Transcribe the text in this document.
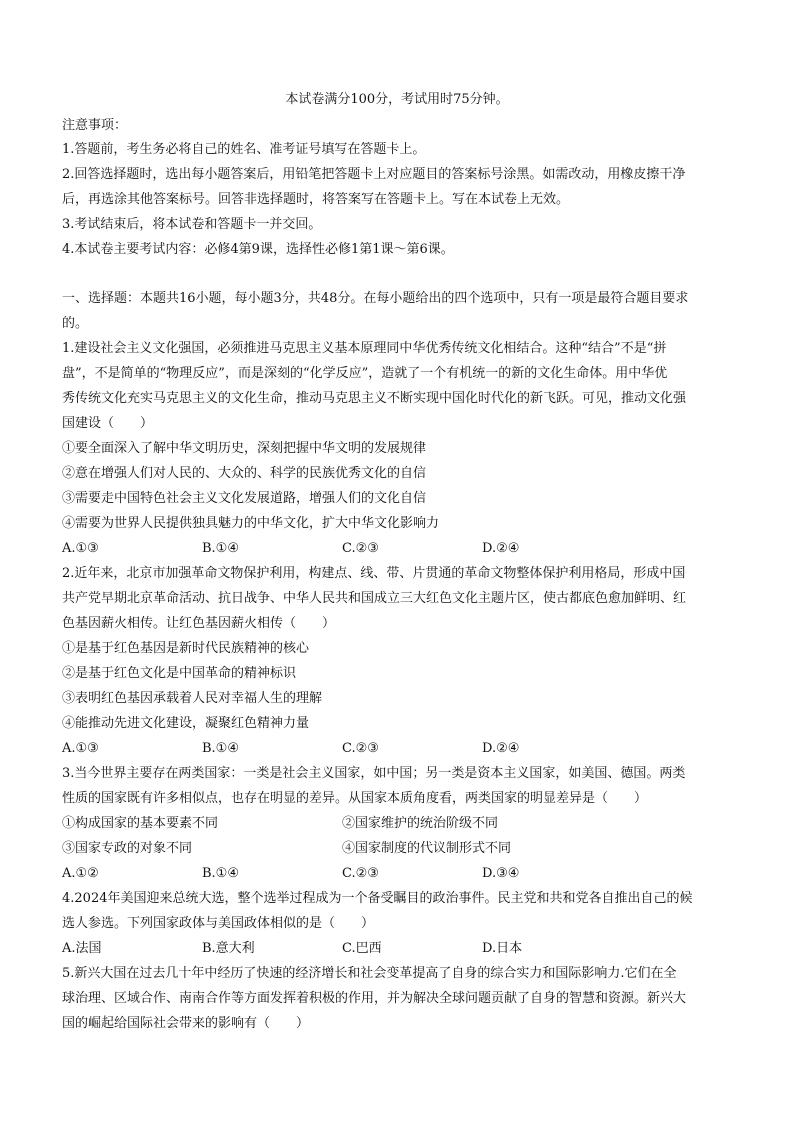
本试卷满分100分，考试用时75分钟。
注意事项：
1.答题前，考生务必将自己的姓名、准考证号填写在答题卡上。
2.回答选择题时，选出每小题答案后，用铅笔把答题卡上对应题目的答案标号涂黑。如需改动，用橡皮擦干净
后，再选涂其他答案标号。回答非选择题时，将答案写在答题卡上。写在本试卷上无效。
3.考试结束后，将本试卷和答题卡一并交回。
4.本试卷主要考试内容：必修4第9课，选择性必修1第1课～第6课。
一、选择题：本题共16小题，每小题3分，共48分。在每小题给出的四个选项中，只有一项是最符合题目要求
的。
1.建设社会主义文化强国，必须推进马克思主义基本原理同中华优秀传统文化相结合。这种“结合”不是“拼
盘”，不是简单的“物理反应”，而是深刻的“化学反应”，造就了一个有机统一的新的文化生命体。用中华优
秀传统文化充实马克思主义的文化生命，推动马克思主义不断实现中国化时代化的新飞跃。可见，推动文化强
国建设（　　）
①要全面深入了解中华文明历史，深刻把握中华文明的发展规律
②意在增强人们对人民的、大众的、科学的民族优秀文化的自信
③需要走中国特色社会主义文化发展道路，增强人们的文化自信
④需要为世界人民提供独具魅力的中华文化，扩大中华文化影响力
A.①③	B.①④	C.②③	D.②④
2.近年来，北京市加强革命文物保护利用，构建点、线、带、片贯通的革命文物整体保护利用格局，形成中国
共产党早期北京革命活动、抗日战争、中华人民共和国成立三大红色文化主题片区，使古都底色愈加鲜明、红
色基因薪火相传。让红色基因薪火相传（　　）
①是基于红色基因是新时代民族精神的核心
②是基于红色文化是中国革命的精神标识
③表明红色基因承载着人民对幸福人生的理解
④能推动先进文化建设，凝聚红色精神力量
A.①③	B.①④	C.②③	D.②④
3.当今世界主要存在两类国家：一类是社会主义国家，如中国；另一类是资本主义国家，如美国、德国。两类
性质的国家既有许多相似点，也存在明显的差异。从国家本质角度看，两类国家的明显差异是（　　）
①构成国家的基本要素不同	②国家维护的统治阶级不同
③国家专政的对象不同	④国家制度的代议制形式不同
A.①②	B.①④	C.②③	D.③④
4.2024年美国迎来总统大选，整个选举过程成为一个备受瞩目的政治事件。民主党和共和党各自推出自己的候
选人参选。下列国家政体与美国政体相似的是（　　）
A.法国	B.意大利	C.巴西	D.日本
5.新兴大国在过去几十年中经历了快速的经济增长和社会变革提高了自身的综合实力和国际影响力.它们在全
球治理、区域合作、南南合作等方面发挥着积极的作用，并为解决全球问题贡献了自身的智慧和资源。新兴大
国的崛起给国际社会带来的影响有（　　）
